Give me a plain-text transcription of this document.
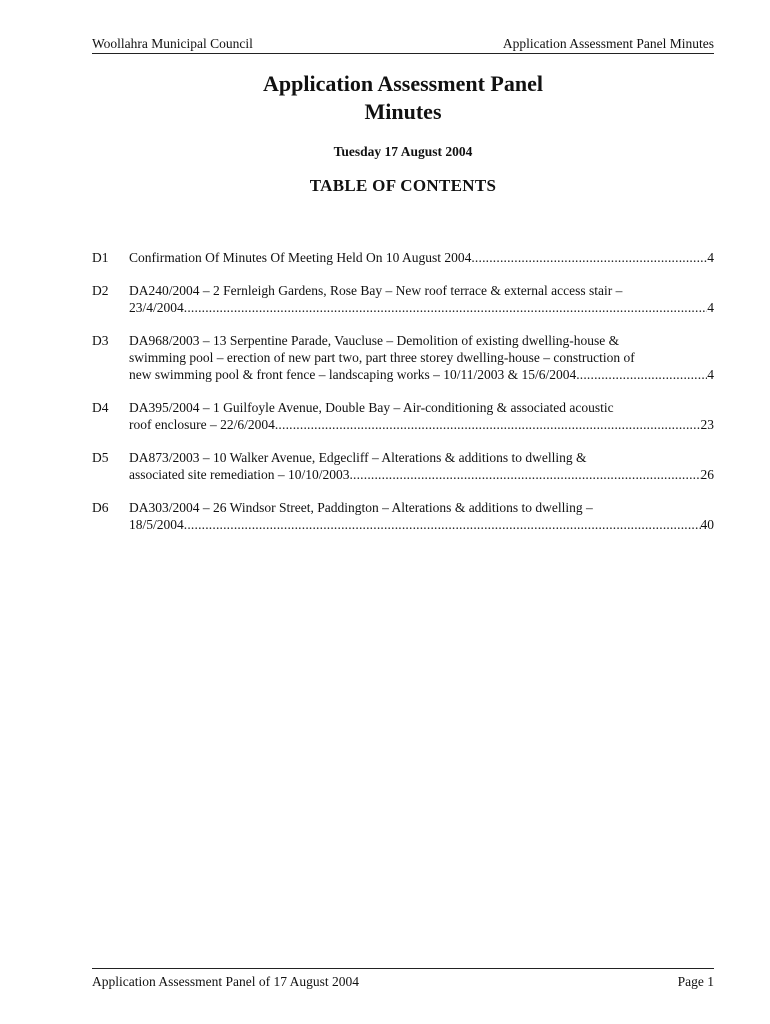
Woollahra Municipal Council	Application Assessment Panel Minutes
Application Assessment Panel
Minutes
Tuesday 17 August 2004
TABLE OF CONTENTS
D1	Confirmation Of Minutes Of Meeting Held On 10 August 2004 .....	4
D2	DA240/2004 – 2 Fernleigh Gardens, Rose Bay – New roof terrace & external access stair –
23/4/2004 .....	4
D3	DA968/2003 – 13 Serpentine Parade, Vaucluse – Demolition of existing dwelling-house &
swimming pool – erection of new part two, part three storey dwelling-house – construction of
new swimming pool & front fence – landscaping works – 10/11/2003 & 15/6/2004 .....	4
D4	DA395/2004 – 1 Guilfoyle Avenue, Double Bay – Air-conditioning & associated acoustic
roof enclosure – 22/6/2004 .....	23
D5	DA873/2003 – 10 Walker Avenue, Edgecliff – Alterations & additions to dwelling &
associated site remediation – 10/10/2003 .....	26
D6	DA303/2004 – 26 Windsor Street, Paddington – Alterations & additions to dwelling –
18/5/2004 .....	40
Application Assessment Panel of 17 August 2004	Page 1
